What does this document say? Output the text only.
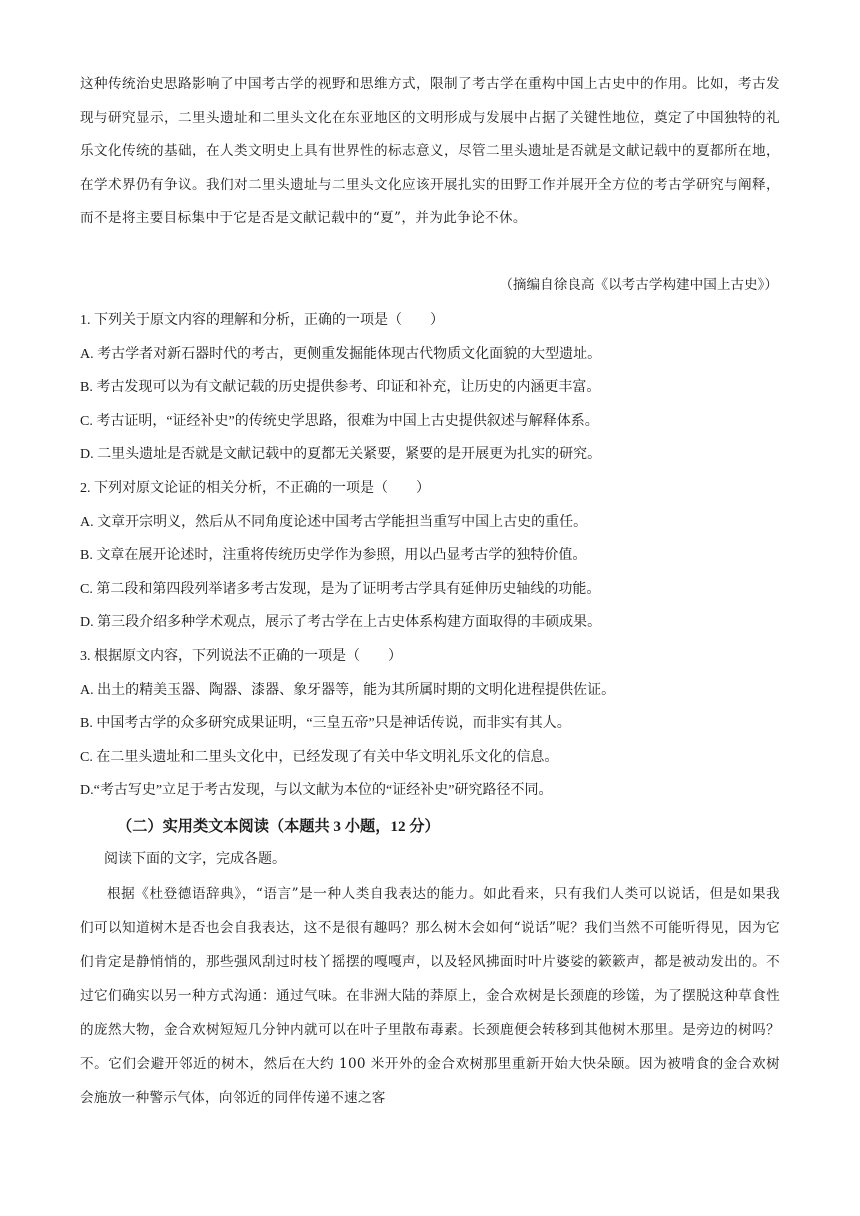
这种传统治史思路影响了中国考古学的视野和思维方式，限制了考古学在重构中国上古史中的作用。比如，考古发现与研究显示，二里头遗址和二里头文化在东亚地区的文明形成与发展中占据了关键性地位，奠定了中国独特的礼乐文化传统的基础，在人类文明史上具有世界性的标志意义，尽管二里头遗址是否就是文献记载中的夏都所在地，在学术界仍有争议。我们对二里头遗址与二里头文化应该开展扎实的田野工作并展开全方位的考古学研究与阐释，而不是将主要目标集中于它是否是文献记载中的“夏”，并为此争论不休。
（摘编自徐良高《以考古学构建中国上古史》）
1. 下列关于原文内容的理解和分析，正确的一项是（　　）
A. 考古学者对新石器时代的考古，更侧重发掘能体现古代物质文化面貌的大型遗址。
B. 考古发现可以为有文献记载的历史提供参考、印证和补充，让历史的内涵更丰富。
C. 考古证明，“证经补史”的传统史学思路，很难为中国上古史提供叙述与解释体系。
D. 二里头遗址是否就是文献记载中的夏都无关紧要，紧要的是开展更为扎实的研究。
2. 下列对原文论证的相关分析，不正确的一项是（　　）
A. 文章开宗明义，然后从不同角度论述中国考古学能担当重写中国上古史的重任。
B. 文章在展开论述时，注重将传统历史学作为参照，用以凸显考古学的独特价值。
C. 第二段和第四段列举诸多考古发现，是为了证明考古学具有延伸历史轴线的功能。
D. 第三段介绍多种学术观点，展示了考古学在上古史体系构建方面取得的丰硕成果。
3. 根据原文内容，下列说法不正确的一项是（　　）
A. 出土的精美玉器、陶器、漆器、象牙器等，能为其所属时期的文明化进程提供佐证。
B. 中国考古学的众多研究成果证明，“三皇五帝”只是神话传说，而非实有其人。
C. 在二里头遗址和二里头文化中，已经发现了有关中华文明礼乐文化的信息。
D.“考古写史”立足于考古发现，与以文献为本位的“证经补史”研究路径不同。
（二）实用类文本阅读（本题共 3 小题，12 分）
阅读下面的文字，完成各题。
根据《杜登德语辞典》，“语言”是一种人类自我表达的能力。如此看来，只有我们人类可以说话，但是如果我们可以知道树木是否也会自我表达，这不是很有趣吗？那么树木会如何“说话”呢？我们当然不可能听得见，因为它们肯定是静悄悄的，那些强风刮过时枝丫摇摆的嘎嘎声，以及轻风拂面时叶片婆娑的簌簌声，都是被动发出的。不过它们确实以另一种方式沟通：通过气味。在非洲大陆的莽原上，金合欢树是长颈鹿的珍馐，为了摆脱这种草食性的庞然大物，金合欢树短短几分钟内就可以在叶子里散布毒素。长颈鹿便会转移到其他树木那里。是旁边的树吗？不。它们会避开邻近的树木，然后在大约 100 米开外的金合欢树那里重新开始大快朵颐。因为被啃食的金合欢树会施放一种警示气体，向邻近的同伴传递不速之客
